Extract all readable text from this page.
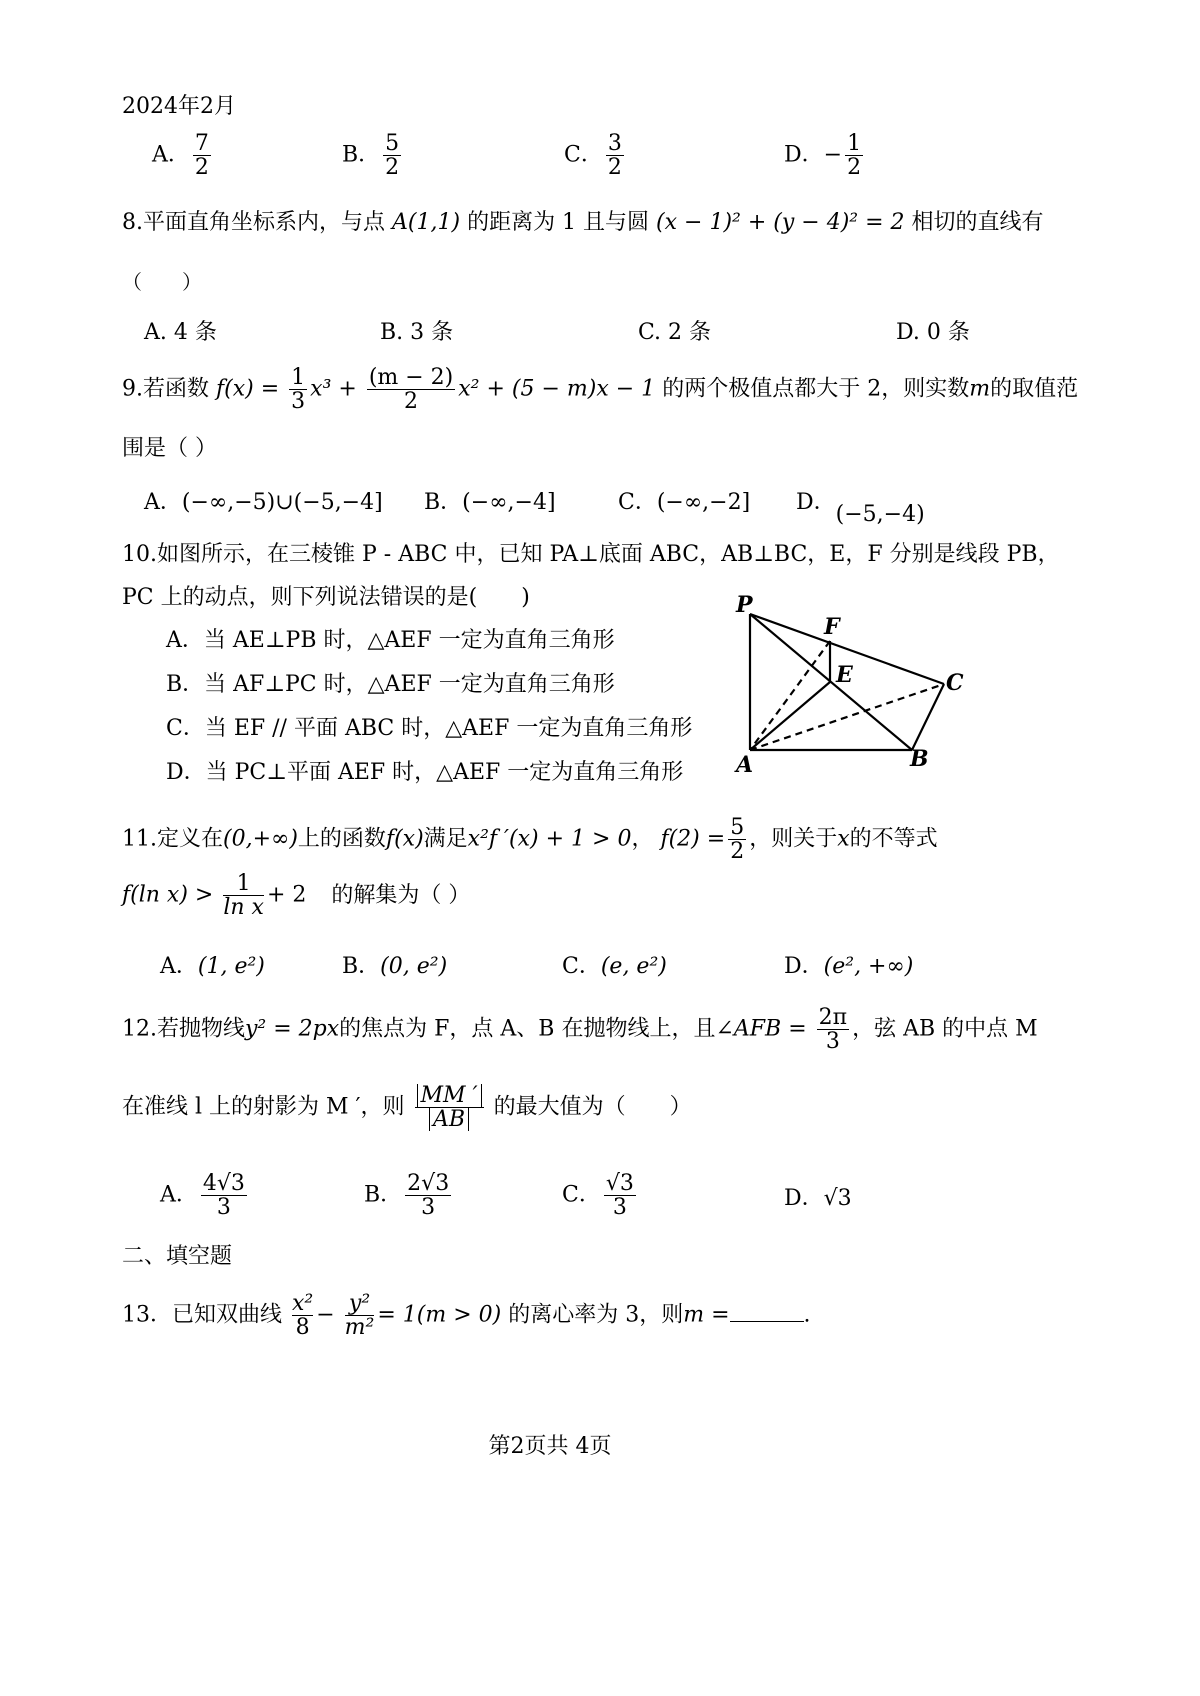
2024年2月
A． $\frac{7}{2}$	B． $\frac{5}{2}$	C． $\frac{3}{2}$	D．− $\frac{1}{2}$
8.平面直角坐标系内，与点 A(1,1) 的距离为 1 且与圆 (x − 1)² + (y − 4)² = 2 相切的直线有
（　　）
A. 4 条	B. 3 条	C. 2 条	D. 0 条
9.若函数 $f(x) = \frac{1}{3} x^3 + \frac{(m - 2)}{2} x^2 + (5 - m)x - 1$ 的两个极值点都大于 2，则实数m的取值范
围是（ ）
A．(−∞,−5)∪(−5,−4] B．(−∞,−4]	C．(−∞,−2] D．(−5,−4)
10.如图所示，在三棱锥 P - ABC 中，已知 PA⊥底面 ABC，AB⊥BC，E，F 分别是线段 PB，
PC 上的动点，则下列说法错误的是(　　)
A．当 AE⊥PB 时，△AEF 一定为直角三角形
B．当 AF⊥PC 时，△AEF 一定为直角三角形
C．当 EF // 平面 ABC 时，△AEF 一定为直角三角形
D．当 PC⊥平面 AEF 时，△AEF 一定为直角三角形
P
F
E	C
A	B
11.定义在(0,+∞)上的函数f(x)满足x²f ′(x) + 1 > 0， $f(2) = \frac{5}{2}$ ，则关于x的不等式
f(ln $x) > \frac{1}{\text{ln x}} + 2$ 的解集为（ ）
A．(1, e²)	B．(0, e²)	C．(e, e²)	D．(e², +∞)
12.若抛物线y² = 2px的焦点为 F，点 A、B 在抛物线上，且∠AFB = $\frac{2\pi}{3}$ ，弦 AB 的中点 M
在准线 l 上的射影为 M ′，则 $\frac{MM '}{AB}$ 的最大值为（　　）
A． $\frac{4√3}{3}$	B． $\frac{2√3}{3}$	C． $\frac{√3}{3}$	D．√3
二、填空题
13．已知双曲线 $\frac{\text{x²}}{8} - \frac{\text{y²}}{\text{m²}} = 1(m > 0)$ 的离心率为 3，则m =	.
第2页共 4页
